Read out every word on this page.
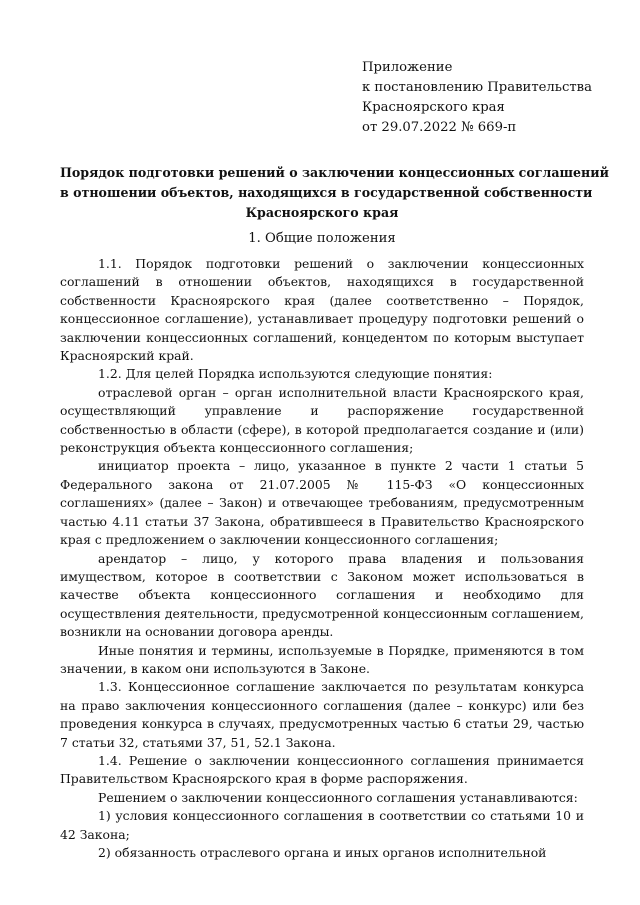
Приложение
к постановлению Правительства
Красноярского края
от 29.07.2022 № 669-п
Порядок подготовки решений о заключении концессионных соглашений
в отношении объектов, находящихся в государственной собственности
Красноярского края
1. Общие положения

1.1. Порядок подготовки решений о заключении концессионных соглашений в отношении объектов, находящихся в государственной собственности Красноярского края (далее соответственно – Порядок, концессионное соглашение), устанавливает процедуру подготовки решений о заключении концессионных соглашений, концедентом по которым выступает Красноярский край.

1.2. Для целей Порядка используются следующие понятия:

отраслевой орган – орган исполнительной власти Красноярского края, осуществляющий управление и распоряжение государственной собственностью в области (сфере), в которой предполагается создание и (или) реконструкция объекта концессионного соглашения;

инициатор проекта – лицо, указанное в пункте 2 части 1 статьи 5 Федерального закона от 21.07.2005 № 115-ФЗ «О концессионных соглашениях» (далее – Закон) и отвечающее требованиям, предусмотренным частью 4.11 статьи 37 Закона, обратившееся в Правительство Красноярского края с предложением о заключении концессионного соглашения;

арендатор – лицо, у которого права владения и пользования имуществом, которое в соответствии с Законом может использоваться в качестве объекта концессионного соглашения и необходимо для осуществления деятельности, предусмотренной концессионным соглашением, возникли на основании договора аренды.

Иные понятия и термины, используемые в Порядке, применяются в том значении, в каком они используются в Законе.

1.3. Концессионное соглашение заключается по результатам конкурса на право заключения концессионного соглашения (далее – конкурс) или без проведения конкурса в случаях, предусмотренных частью 6 статьи 29, частью 7 статьи 32, статьями 37, 51, 52.1 Закона.

1.4. Решение о заключении концессионного соглашения принимается Правительством Красноярского края в форме распоряжения.

Решением о заключении концессионного соглашения устанавливаются:

1) условия концессионного соглашения в соответствии со статьями 10 и 42 Закона;

2) обязанность отраслевого органа и иных органов исполнительной
